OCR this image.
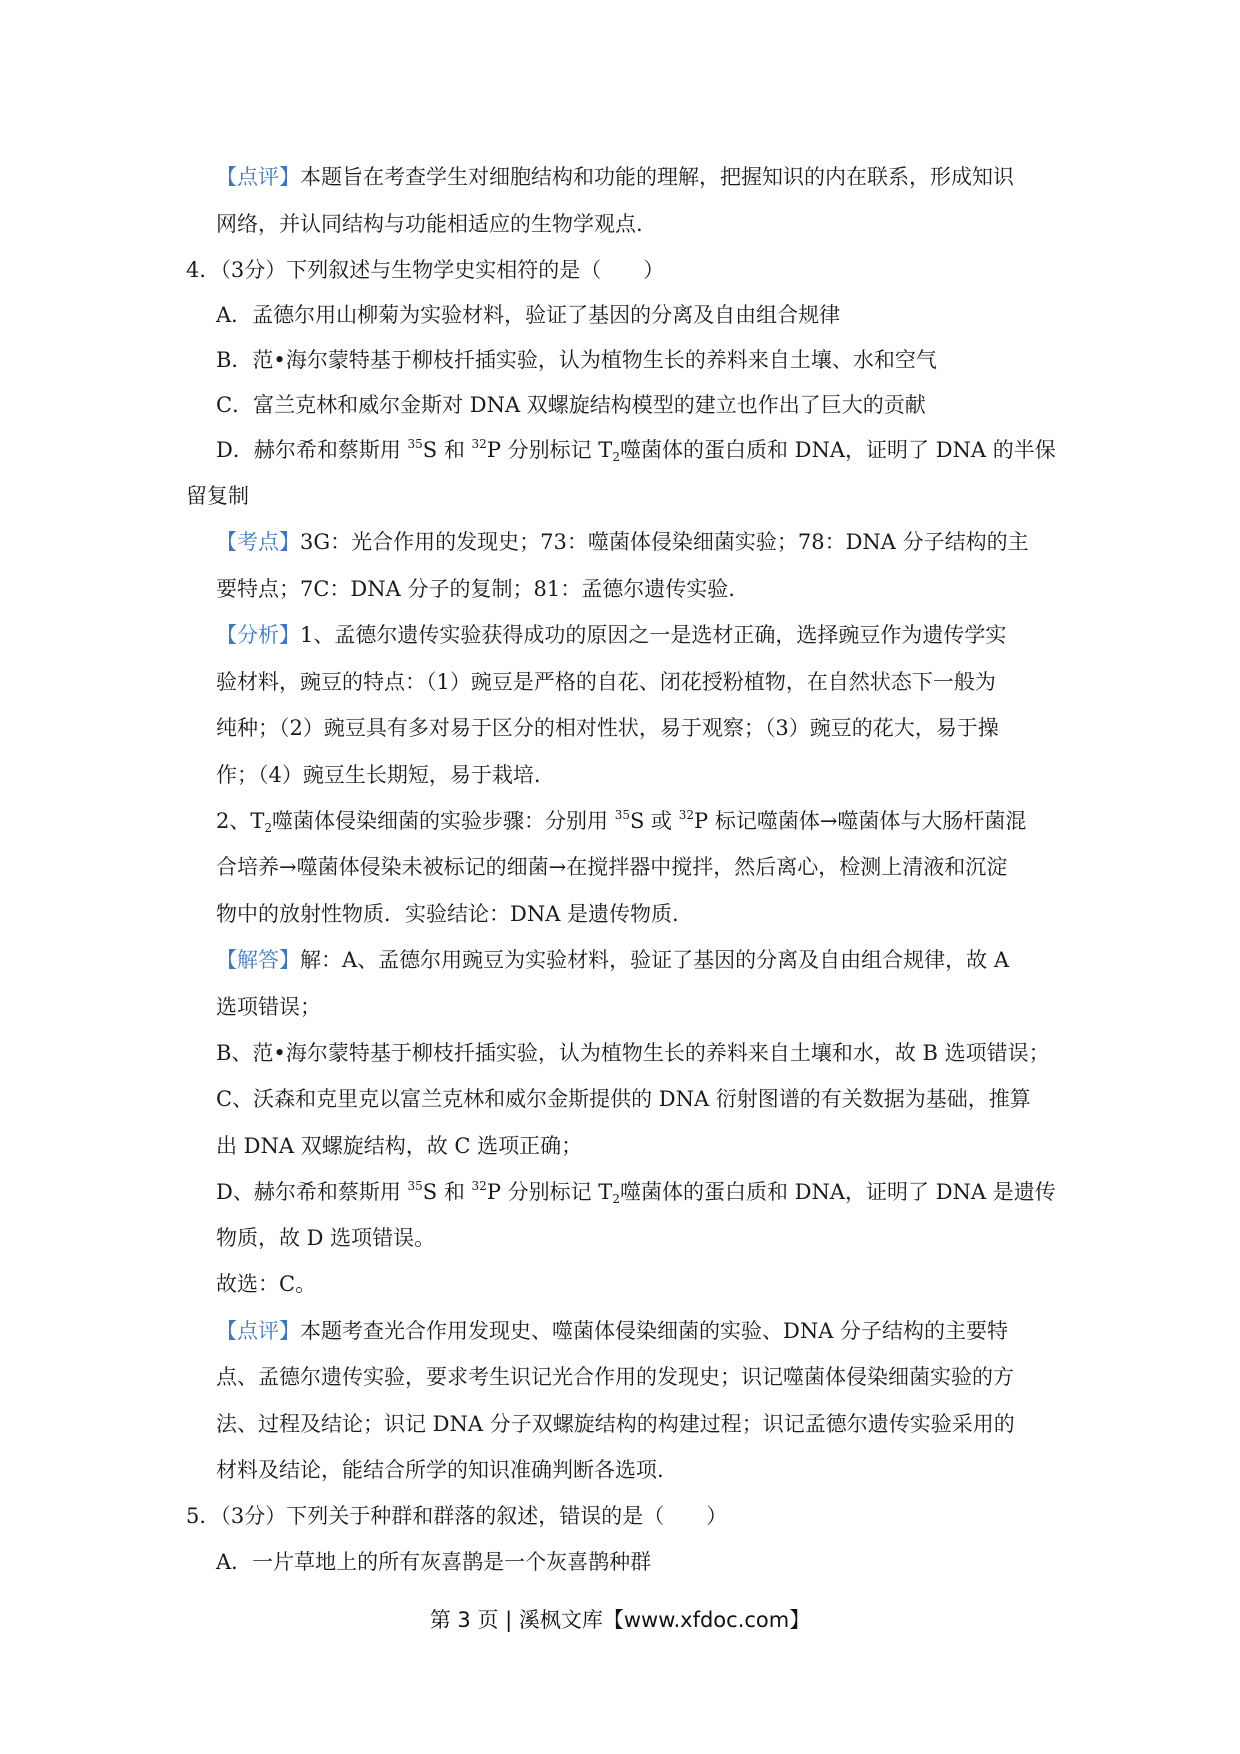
【点评】本题旨在考查学生对细胞结构和功能的理解，把握知识的内在联系，形成知识
网络，并认同结构与功能相适应的生物学观点.
4．（3分）下列叙述与生物学史实相符的是（　　）
A．孟德尔用山柳菊为实验材料，验证了基因的分离及自由组合规律
B．范•海尔蒙特基于柳枝扦插实验，认为植物生长的养料来自土壤、水和空气
C．富兰克林和威尔金斯对 DNA 双螺旋结构模型的建立也作出了巨大的贡献
D．赫尔希和蔡斯用 $^{35}$S 和 $^{32}$P 分别标记 $T_2$噬菌体的蛋白质和 DNA，证明了 DNA 的半保
留复制
【考点】3G：光合作用的发现史；73：噬菌体侵染细菌实验；78：DNA 分子结构的主
要特点；7C：DNA 分子的复制；81：孟德尔遗传实验.
【分析】1、孟德尔遗传实验获得成功的原因之一是选材正确，选择豌豆作为遗传学实
验材料，豌豆的特点：（1）豌豆是严格的自花、闭花授粉植物，在自然状态下一般为
纯种；（2）豌豆具有多对易于区分的相对性状，易于观察；（3）豌豆的花大，易于操
作；（4）豌豆生长期短，易于栽培.
2、$T_2$噬菌体侵染细菌的实验步骤：分别用 $^{35}$S 或 $^{32}$P 标记噬菌体→噬菌体与大肠杆菌混
合培养→噬菌体侵染未被标记的细菌→在搅拌器中搅拌，然后离心，检测上清液和沉淀
物中的放射性物质．实验结论：DNA 是遗传物质.
【解答】解：A、孟德尔用豌豆为实验材料，验证了基因的分离及自由组合规律，故 A
选项错误；
B、范•海尔蒙特基于柳枝扦插实验，认为植物生长的养料来自土壤和水，故 B 选项错误；
C、沃森和克里克以富兰克林和威尔金斯提供的 DNA 衍射图谱的有关数据为基础，推算
出 DNA 双螺旋结构，故 C 选项正确；
D、赫尔希和蔡斯用 $^{35}$S 和 $^{32}$P 分别标记 $T_2$噬菌体的蛋白质和 DNA，证明了 DNA 是遗传
物质，故 D 选项错误。
故选：C。
【点评】本题考查光合作用发现史、噬菌体侵染细菌的实验、DNA 分子结构的主要特
点、孟德尔遗传实验，要求考生识记光合作用的发现史；识记噬菌体侵染细菌实验的方
法、过程及结论；识记 DNA 分子双螺旋结构的构建过程；识记孟德尔遗传实验采用的
材料及结论，能结合所学的知识准确判断各选项.
5．（3分）下列关于种群和群落的叙述，错误的是（　　）
A．一片草地上的所有灰喜鹊是一个灰喜鹊种群
第 3 页 | 溪枫文库【www.xfdoc.com】
